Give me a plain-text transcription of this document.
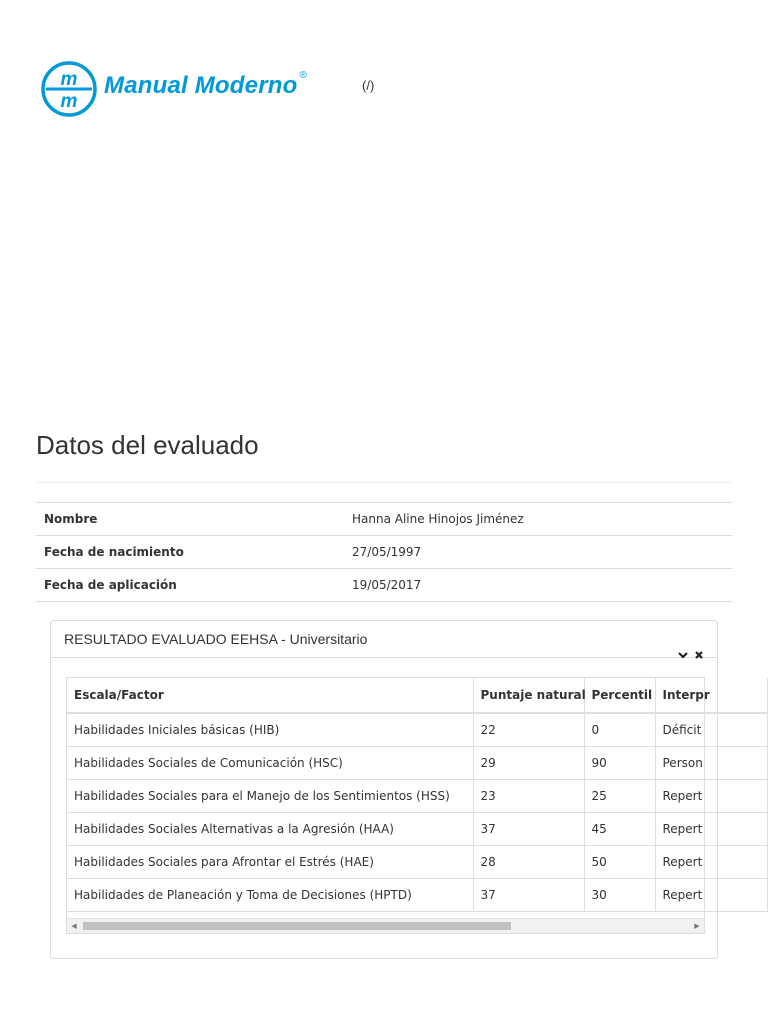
m
m
Manual Moderno ®
(/)
Datos del evaluado
Nombre	Hanna Aline Hinojos Jiménez
Fecha de nacimiento	27/05/1997
Fecha de aplicación	19/05/2017
RESULTADO EVALUADO EEHSA - Universitario
Escala/Factor	Puntaje natural	Percentil	Interpr
Habilidades Iniciales básicas (HIB)	22	0	Déficit
Habilidades Sociales de Comunicación (HSC)	29	90	Person
Habilidades Sociales para el Manejo de los Sentimientos (HSS)	23	25	Repert
Habilidades Sociales Alternativas a la Agresión (HAA)	37	45	Repert
Habilidades Sociales para Afrontar el Estrés (HAE)	28	50	Repert
Habilidades de Planeación y Toma de Decisiones (HPTD)	37	30	Repert
◀	▶
